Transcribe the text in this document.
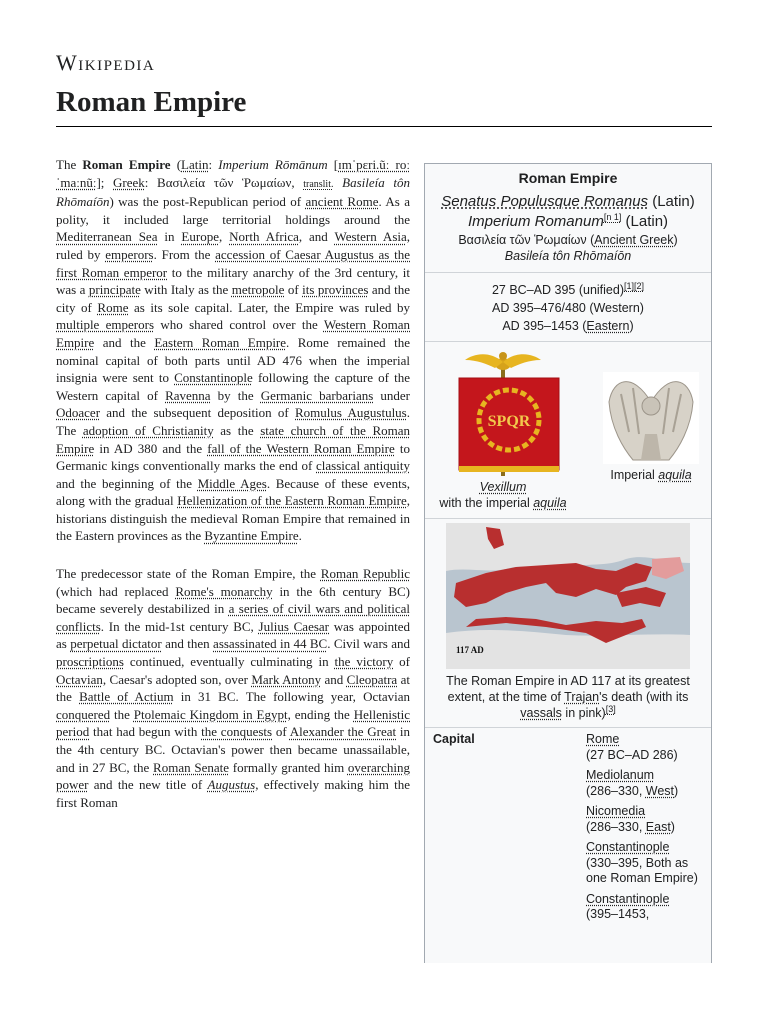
Wikipedia
Roman Empire

The Roman Empire (Latin: Imperium Rōmānum [ɪmˈpɛri.ũː roːˈmaːnũː]; Greek: Βασιλεία τῶν Ῥωμαίων, translit. Basileía tôn Rhōmaíōn) was the post-Republican period of ancient Rome. As a polity, it included large territorial holdings around the Mediterranean Sea in Europe, North Africa, and Western Asia, ruled by emperors. From the accession of Caesar Augustus as the first Roman emperor to the military anarchy of the 3rd century, it was a principate with Italy as the metropole of its provinces and the city of Rome as its sole capital. Later, the Empire was ruled by multiple emperors who shared control over the Western Roman Empire and the Eastern Roman Empire. Rome remained the nominal capital of both parts until AD 476 when the imperial insignia were sent to Constantinople following the capture of the Western capital of Ravenna by the Germanic barbarians under Odoacer and the subsequent deposition of Romulus Augustulus. The adoption of Christianity as the state church of the Roman Empire in AD 380 and the fall of the Western Roman Empire to Germanic kings conventionally marks the end of classical antiquity and the beginning of the Middle Ages. Because of these events, along with the gradual Hellenization of the Eastern Roman Empire, historians distinguish the medieval Roman Empire that remained in the Eastern provinces as the Byzantine Empire.

The predecessor state of the Roman Empire, the Roman Republic (which had replaced Rome's monarchy in the 6th century BC) became severely destabilized in a series of civil wars and political conflicts. In the mid-1st century BC, Julius Caesar was appointed as perpetual dictator and then assassinated in 44 BC. Civil wars and proscriptions continued, eventually culminating in the victory of Octavian, Caesar's adopted son, over Mark Antony and Cleopatra at the Battle of Actium in 31 BC. The following year, Octavian conquered the Ptolemaic Kingdom in Egypt, ending the Hellenistic period that had begun with the conquests of Alexander the Great in the 4th century BC. Octavian's power then became unassailable, and in 27 BC, the Roman Senate formally granted him overarching power and the new title of Augustus, effectively making him the first Roman

Roman Empire
Senatus Populusque Romanus (Latin)
Imperium Romanum[n 1] (Latin)
Βασιλεία τῶν Ῥωμαίων (Ancient Greek)
Basileía tôn Rhōmaíōn
27 BC–AD 395 (unified)[1][2]
AD 395–476/480 (Western)
AD 395–1453 (Eastern)
SPQR
Vexillum
with the imperial aquila
Imperial aquila
117 AD
The Roman Empire in AD 117 at its greatest extent, at the time of Trajan's death (with its vassals in pink)[3]
Capital	Rome
(27 BC–AD 286)
Mediolanum
(286–330, West)
Nicomedia
(286–330, East)
Constantinople
(330–395, Both as one Roman Empire)
Constantinople
(395–1453,
